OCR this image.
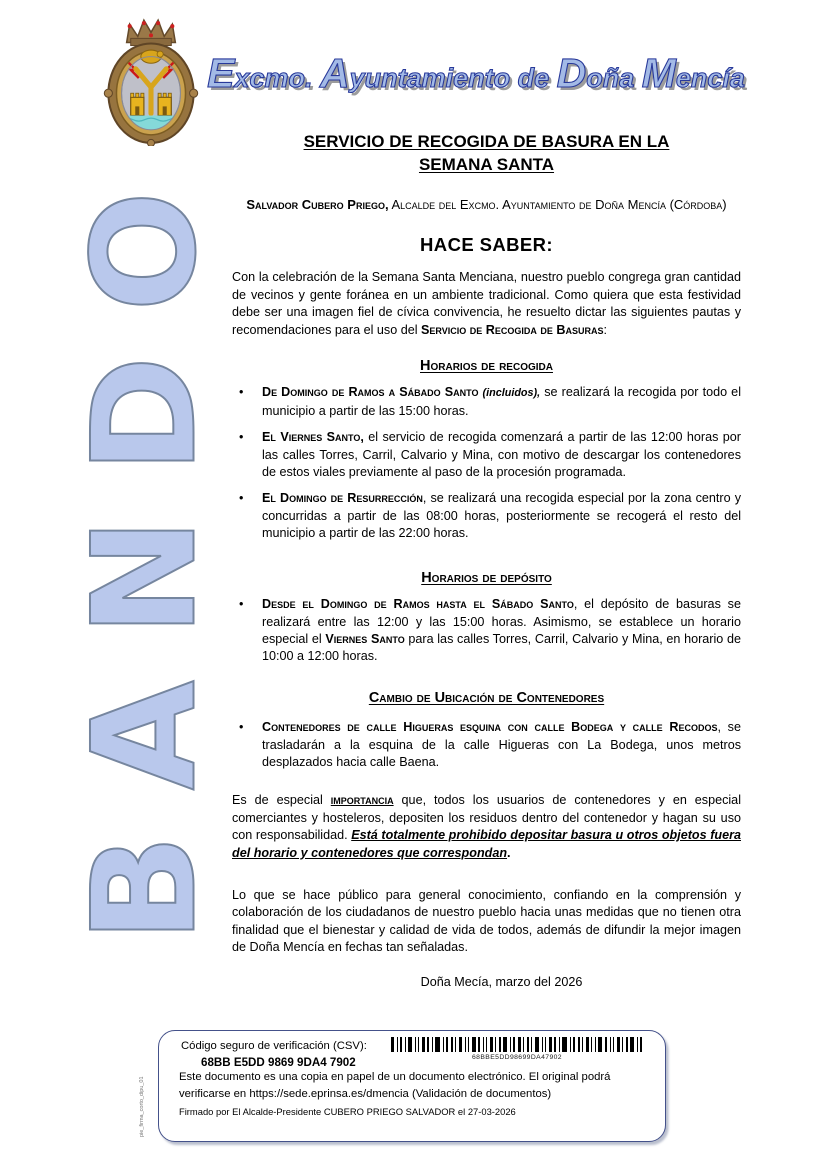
BANDO
Excmo. Ayuntamiento de Doña Mencía
SERVICIO DE RECOGIDA DE BASURA EN LA
SEMANA SANTA
Salvador Cubero Priego, Alcalde del Excmo. Ayuntamiento de Doña Mencía (Córdoba)
HACE SABER:
Con la celebración de la Semana Santa Menciana, nuestro pueblo congrega gran cantidad de vecinos y gente foránea en un ambiente tradicional. Como quiera que esta festividad debe ser una imagen fiel de cívica convivencia, he resuelto dictar las siguientes pautas y recomendaciones para el uso del Servicio de Recogida de Basuras:
Horarios de recogida
•	De Domingo de Ramos a Sábado Santo (incluidos), se realizará la recogida por todo el municipio a partir de las 15:00 horas.
•	El Viernes Santo, el servicio de recogida comenzará a partir de las 12:00 horas por las calles Torres, Carril, Calvario y Mina, con motivo de descargar los contenedores de estos viales previamente al paso de la procesión programada.
•	El Domingo de Resurrección, se realizará una recogida especial por la zona centro y concurridas a partir de las 08:00 horas, posteriormente se recogerá el resto del municipio a partir de las 22:00 horas.
Horarios de depósito
•	Desde el Domingo de Ramos hasta el Sábado Santo, el depósito de basuras se realizará entre las 12:00 y las 15:00 horas. Asimismo, se establece un horario especial el Viernes Santo para las calles Torres, Carril, Calvario y Mina, en horario de 10:00 a 12:00 horas.
Cambio de Ubicación de Contenedores
•	Contenedores de calle Higueras esquina con calle Bodega y calle Recodos, se trasladarán a la esquina de la calle Higueras con La Bodega, unos metros desplazados hacia calle Baena.
Es de especial importancia que, todos los usuarios de contenedores y en especial comerciantes y hosteleros, depositen los residuos dentro del contenedor y hagan su uso con responsabilidad. Está totalmente prohibido depositar basura u otros objetos fuera del horario y contenedores que correspondan.
Lo que se hace público para general conocimiento, confiando en la comprensión y colaboración de los ciudadanos de nuestro pueblo hacia unas medidas que no tienen otra finalidad que el bienestar y calidad de vida de todos, además de difundir la mejor imagen de Doña Mencía en fechas tan señaladas.
Doña Mecía, marzo del 2026
Código seguro de verificación (CSV):
68BB E5DD 9869 9DA4 7902	68BBE5DD98699DA47902
Este documento es una copia en papel de un documento electrónico. El original podrá verificarse en https://sede.eprinsa.es/dmencia (Validación de documentos)
Firmado por El Alcalde-Presidente CUBERO PRIEGO SALVADOR el 27-03-2026
pie_firma_corto_dipu_01
